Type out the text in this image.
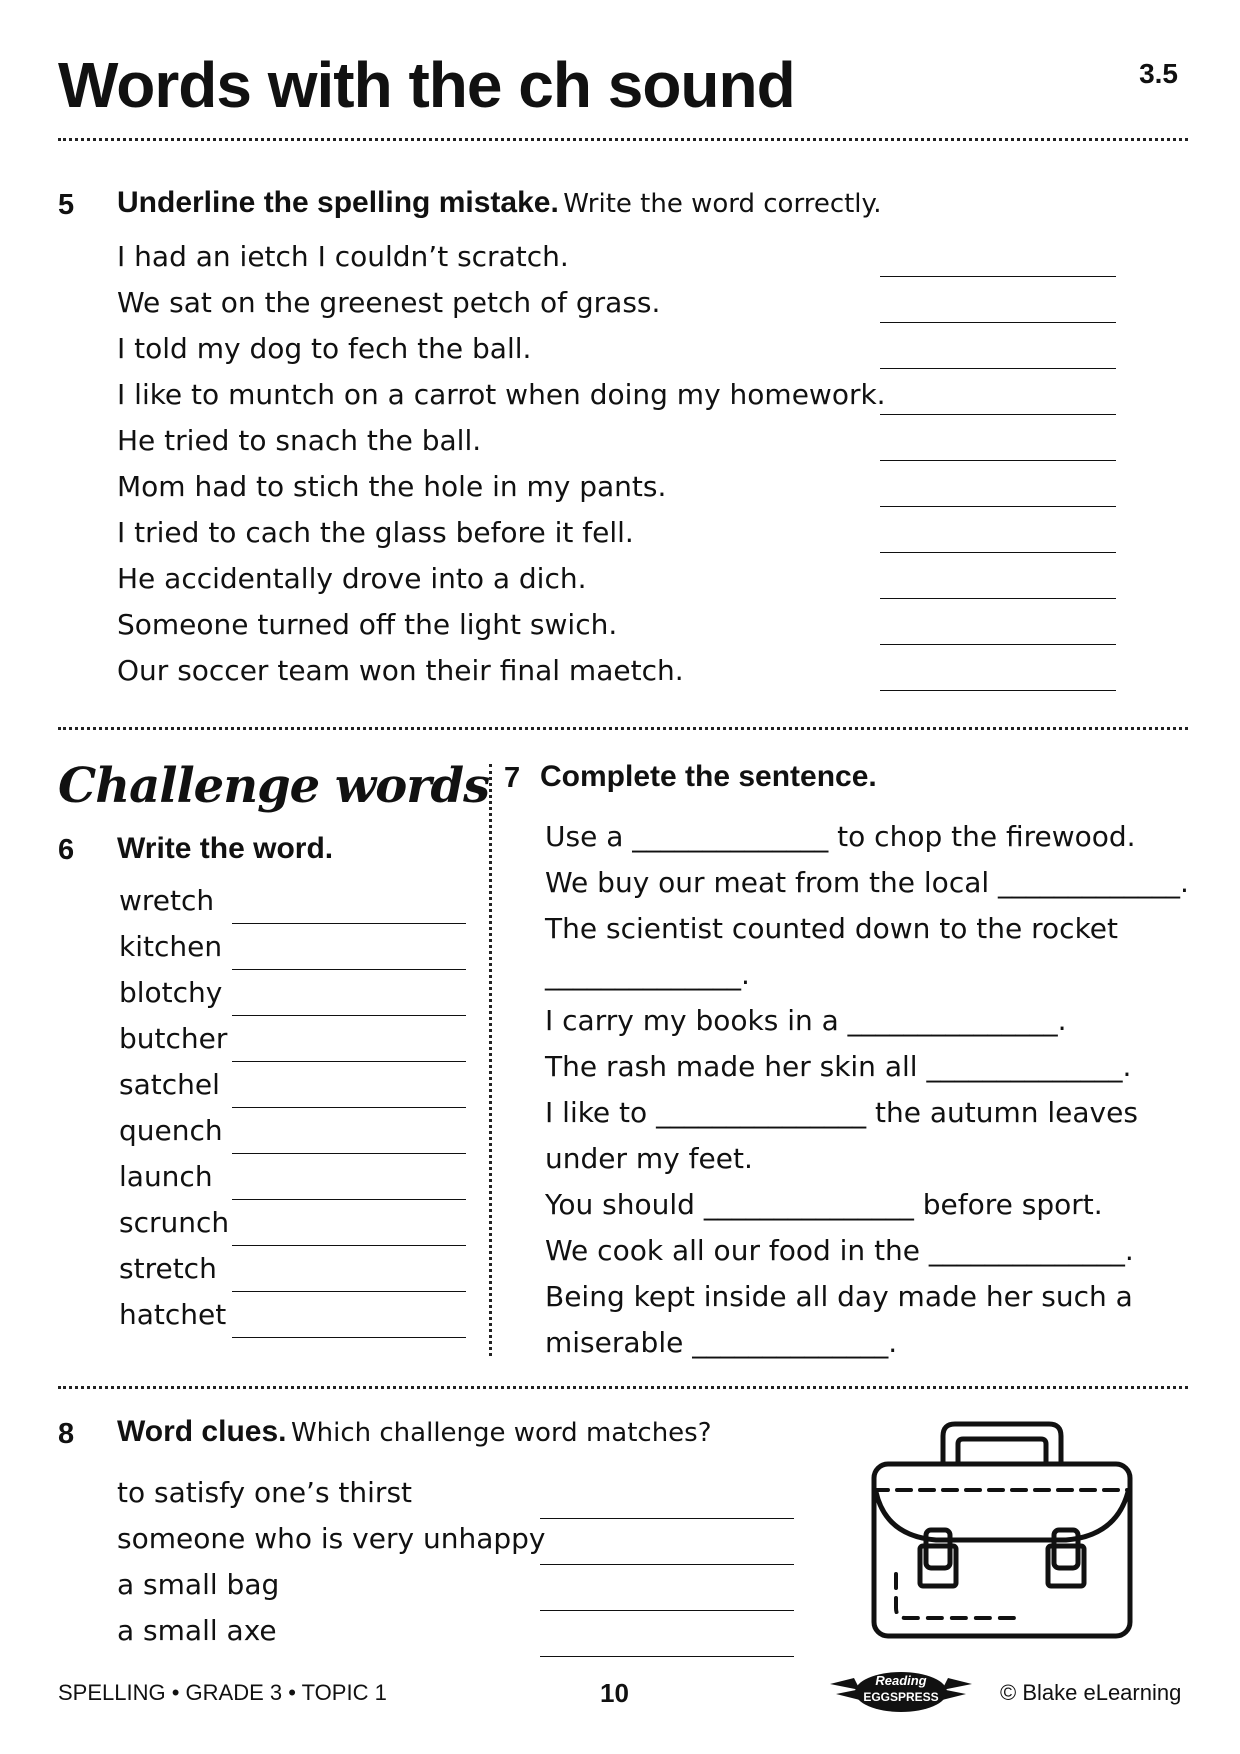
Words with the ch sound	3.5
5 Underline the spelling mistake. Write the word correctly.
I had an ietch I couldn’t scratch.
We sat on the greenest petch of grass.
I told my dog to fech the ball.
I like to muntch on a carrot when doing my homework.
He tried to snach the ball.
Mom had to stich the hole in my pants.
I tried to cach the glass before it fell.
He accidentally drove into a dich.
Someone turned off the light swich.
Our soccer team won their final maetch.
Challenge words
6 Write the word.
wretch
kitchen
blotchy
butcher
satchel
quench
launch
scrunch
stretch
hatchet
7 Complete the sentence.
Use a ______________ to chop the firewood.
We buy our meat from the local _____________.
The scientist counted down to the rocket
______________.
I carry my books in a _______________.
The rash made her skin all ______________.
I like to _______________ the autumn leaves
under my feet.
You should _______________ before sport.
We cook all our food in the ______________.
Being kept inside all day made her such a
miserable ______________.
8 Word clues. Which challenge word matches?
to satisfy one’s thirst
someone who is very unhappy
a small bag
a small axe
SPELLING • GRADE 3 • TOPIC 1	10	Reading
EGGSPRESS	© Blake eLearning
